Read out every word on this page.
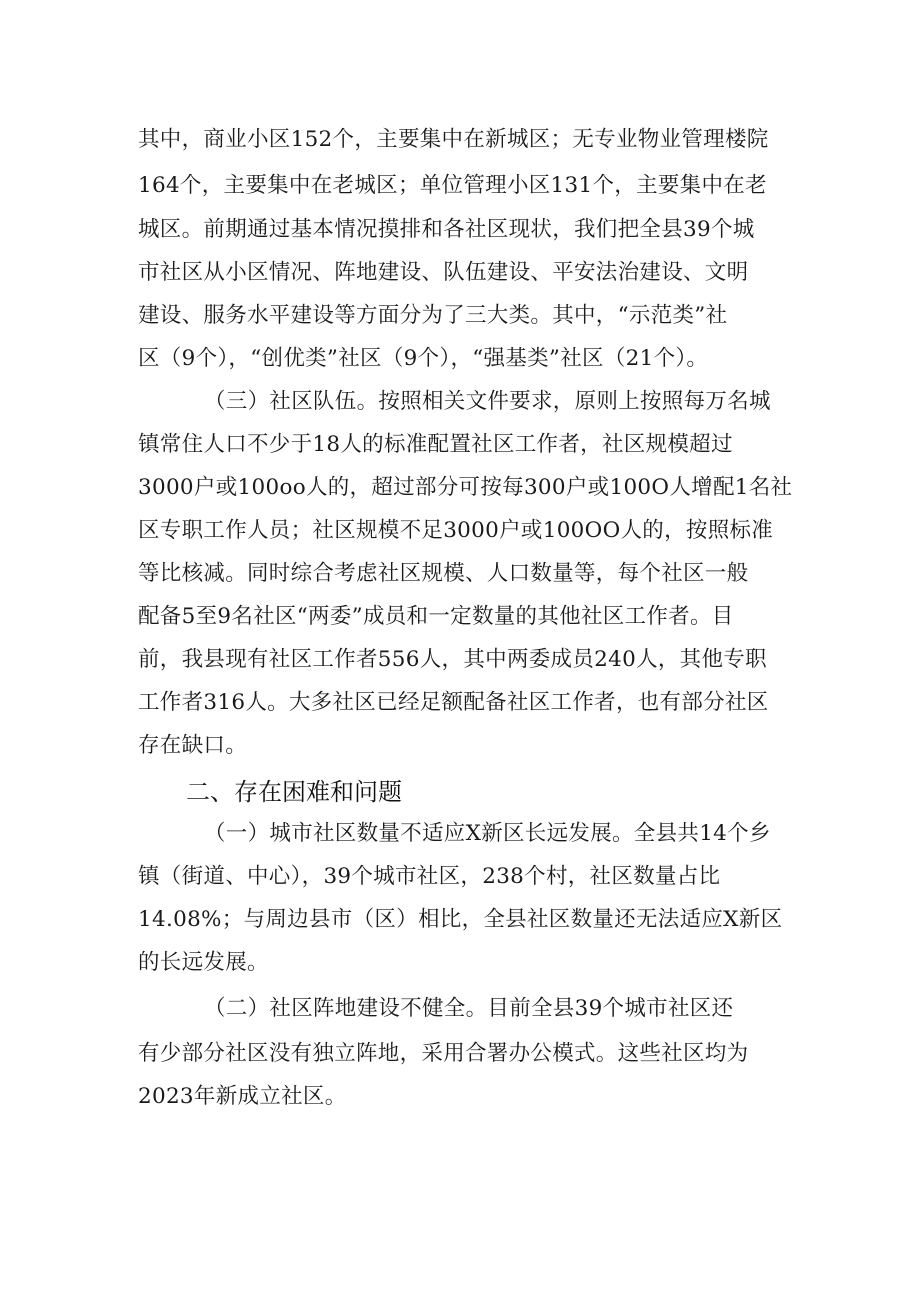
其中，商业小区152个，主要集中在新城区；无专业物业管理楼院
164个，主要集中在老城区；单位管理小区131个，主要集中在老
城区。前期通过基本情况摸排和各社区现状，我们把全县39个城
市社区从小区情况、阵地建设、队伍建设、平安法治建设、文明
建设、服务水平建设等方面分为了三大类。其中，“示范类”社
区（9个），“创优类”社区（9个），“强基类”社区（21个）。
（三）社区队伍。按照相关文件要求，原则上按照每万名城
镇常住人口不少于18人的标准配置社区工作者，社区规模超过
3000户或100oo人的，超过部分可按每300户或100O人增配1名社
区专职工作人员；社区规模不足3000户或100OO人的，按照标准
等比核减。同时综合考虑社区规模、人口数量等，每个社区一般
配备5至9名社区“两委”成员和一定数量的其他社区工作者。目
前，我县现有社区工作者556人，其中两委成员240人，其他专职
工作者316人。大多社区已经足额配备社区工作者，也有部分社区
存在缺口。
二、存在困难和问题
（一）城市社区数量不适应X新区长远发展。全县共14个乡
镇（街道、中心），39个城市社区，238个村，社区数量占比
14.08%；与周边县市（区）相比，全县社区数量还无法适应X新区
的长远发展。
（二）社区阵地建设不健全。目前全县39个城市社区还
有少部分社区没有独立阵地，采用合署办公模式。这些社区均为
2023年新成立社区。
